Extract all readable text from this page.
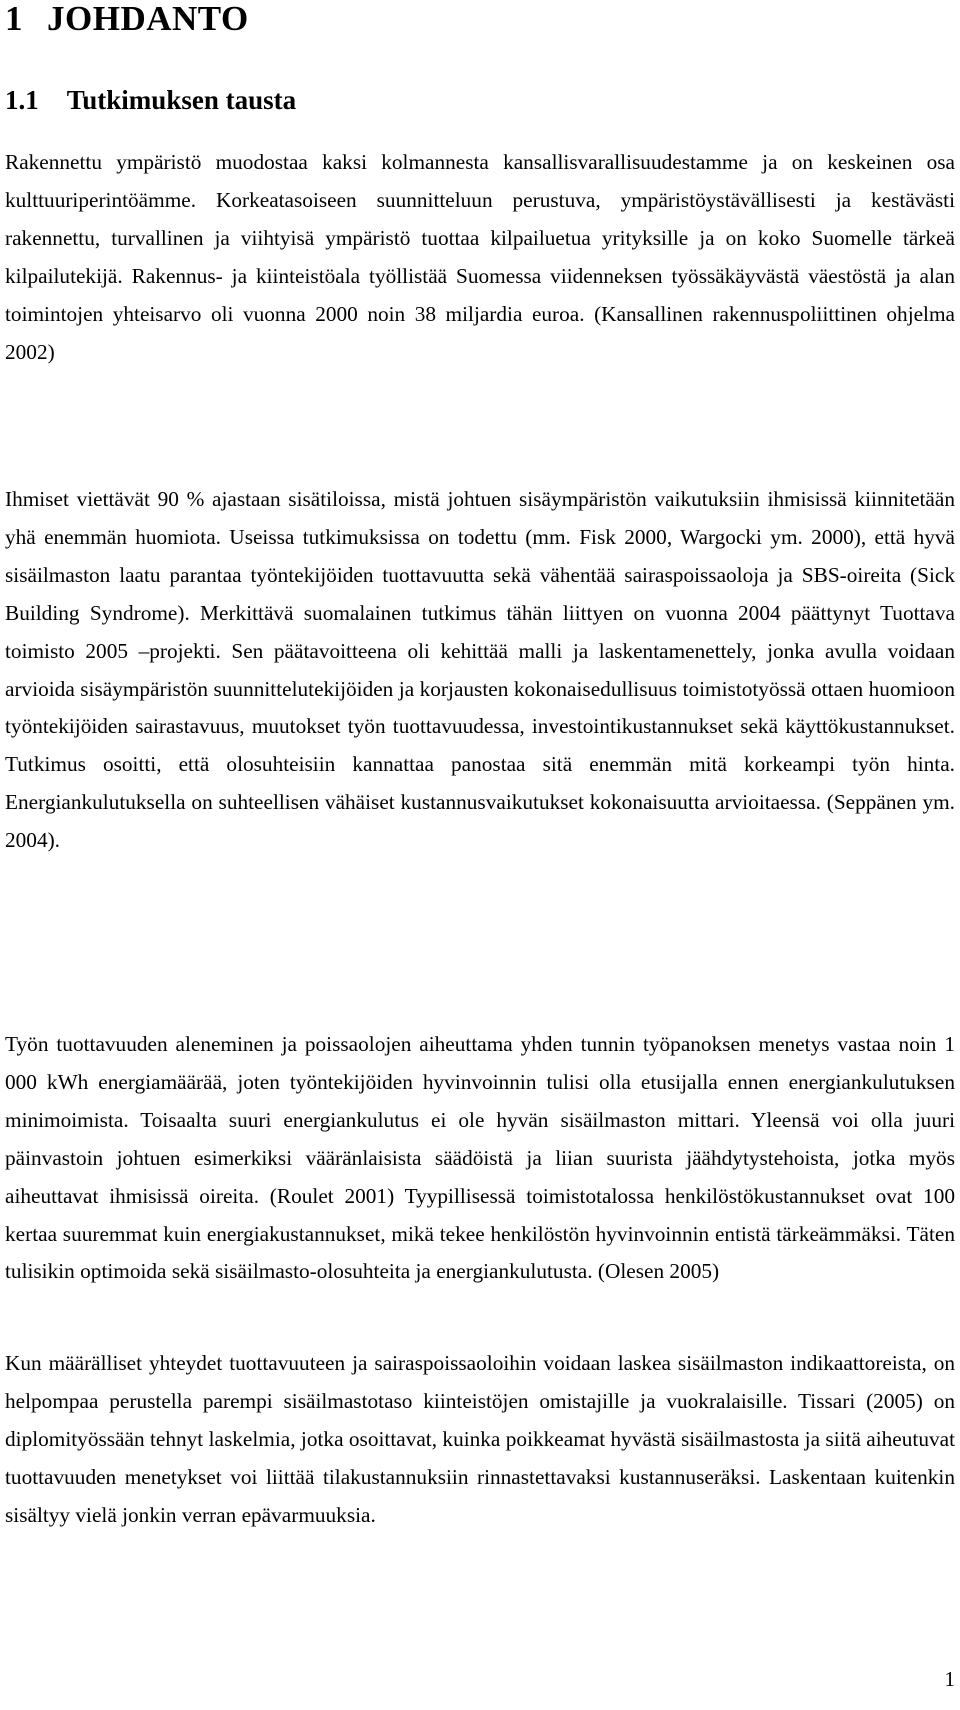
1 JOHDANTO
1.1 Tutkimuksen tausta

Rakennettu ympäristö muodostaa kaksi kolmannesta kansallisvarallisuudestamme ja on keskeinen osa kulttuuriperintöämme. Korkeatasoiseen suunnitteluun perustuva, ympäristöystävällisesti ja kestävästi rakennettu, turvallinen ja viihtyisä ympäristö tuottaa kilpailuetua yrityksille ja on koko Suomelle tärkeä kilpailutekijä. Rakennus- ja kiinteistöala työllistää Suomessa viidenneksen työssäkäyvästä väestöstä ja alan toimintojen yhteisarvo oli vuonna 2000 noin 38 miljardia euroa. (Kansallinen rakennuspoliittinen ohjelma 2002)

Ihmiset viettävät 90 % ajastaan sisätiloissa, mistä johtuen sisäympäristön vaikutuksiin ihmisissä kiinnitetään yhä enemmän huomiota. Useissa tutkimuksissa on todettu (mm. Fisk 2000, Wargocki ym. 2000), että hyvä sisäilmaston laatu parantaa työntekijöiden tuottavuutta sekä vähentää sairaspoissaoloja ja SBS-oireita (Sick Building Syndrome). Merkittävä suomalainen tutkimus tähän liittyen on vuonna 2004 päättynyt Tuottava toimisto 2005 –projekti. Sen päätavoitteena oli kehittää malli ja laskentamenettely, jonka avulla voidaan arvioida sisäympäristön suunnittelutekijöiden ja korjausten kokonaisedullisuus toimistotyössä ottaen huomioon työntekijöiden sairastavuus, muutokset työn tuottavuudessa, investointikustannukset sekä käyttökustannukset. Tutkimus osoitti, että olosuhteisiin kannattaa panostaa sitä enemmän mitä korkeampi työn hinta. Energiankulutuksella on suhteellisen vähäiset kustannusvaikutukset kokonaisuutta arvioitaessa. (Seppänen ym. 2004).

Työn tuottavuuden aleneminen ja poissaolojen aiheuttama yhden tunnin työpanoksen menetys vastaa noin 1 000 kWh energiamäärää, joten työntekijöiden hyvinvoinnin tulisi olla etusijalla ennen energiankulutuksen minimoimista. Toisaalta suuri energiankulutus ei ole hyvän sisäilmaston mittari. Yleensä voi olla juuri päinvastoin johtuen esimerkiksi vääränlaisista säädöistä ja liian suurista jäähdytystehoista, jotka myös aiheuttavat ihmisissä oireita. (Roulet 2001) Tyypillisessä toimistotalossa henkilöstökustannukset ovat 100 kertaa suuremmat kuin energiakustannukset, mikä tekee henkilöstön hyvinvoinnin entistä tärkeämmäksi. Täten tulisikin optimoida sekä sisäilmasto-olosuhteita ja energiankulutusta. (Olesen 2005)

Kun määrälliset yhteydet tuottavuuteen ja sairaspoissaoloihin voidaan laskea sisäilmaston indikaattoreista, on helpompaa perustella parempi sisäilmastotaso kiinteistöjen omistajille ja vuokralaisille. Tissari (2005) on diplomityössään tehnyt laskelmia, jotka osoittavat, kuinka poikkeamat hyvästä sisäilmastosta ja siitä aiheutuvat tuottavuuden menetykset voi liittää tilakustannuksiin rinnastettavaksi kustannuseräksi. Laskentaan kuitenkin sisältyy vielä jonkin verran epävarmuuksia.

1
